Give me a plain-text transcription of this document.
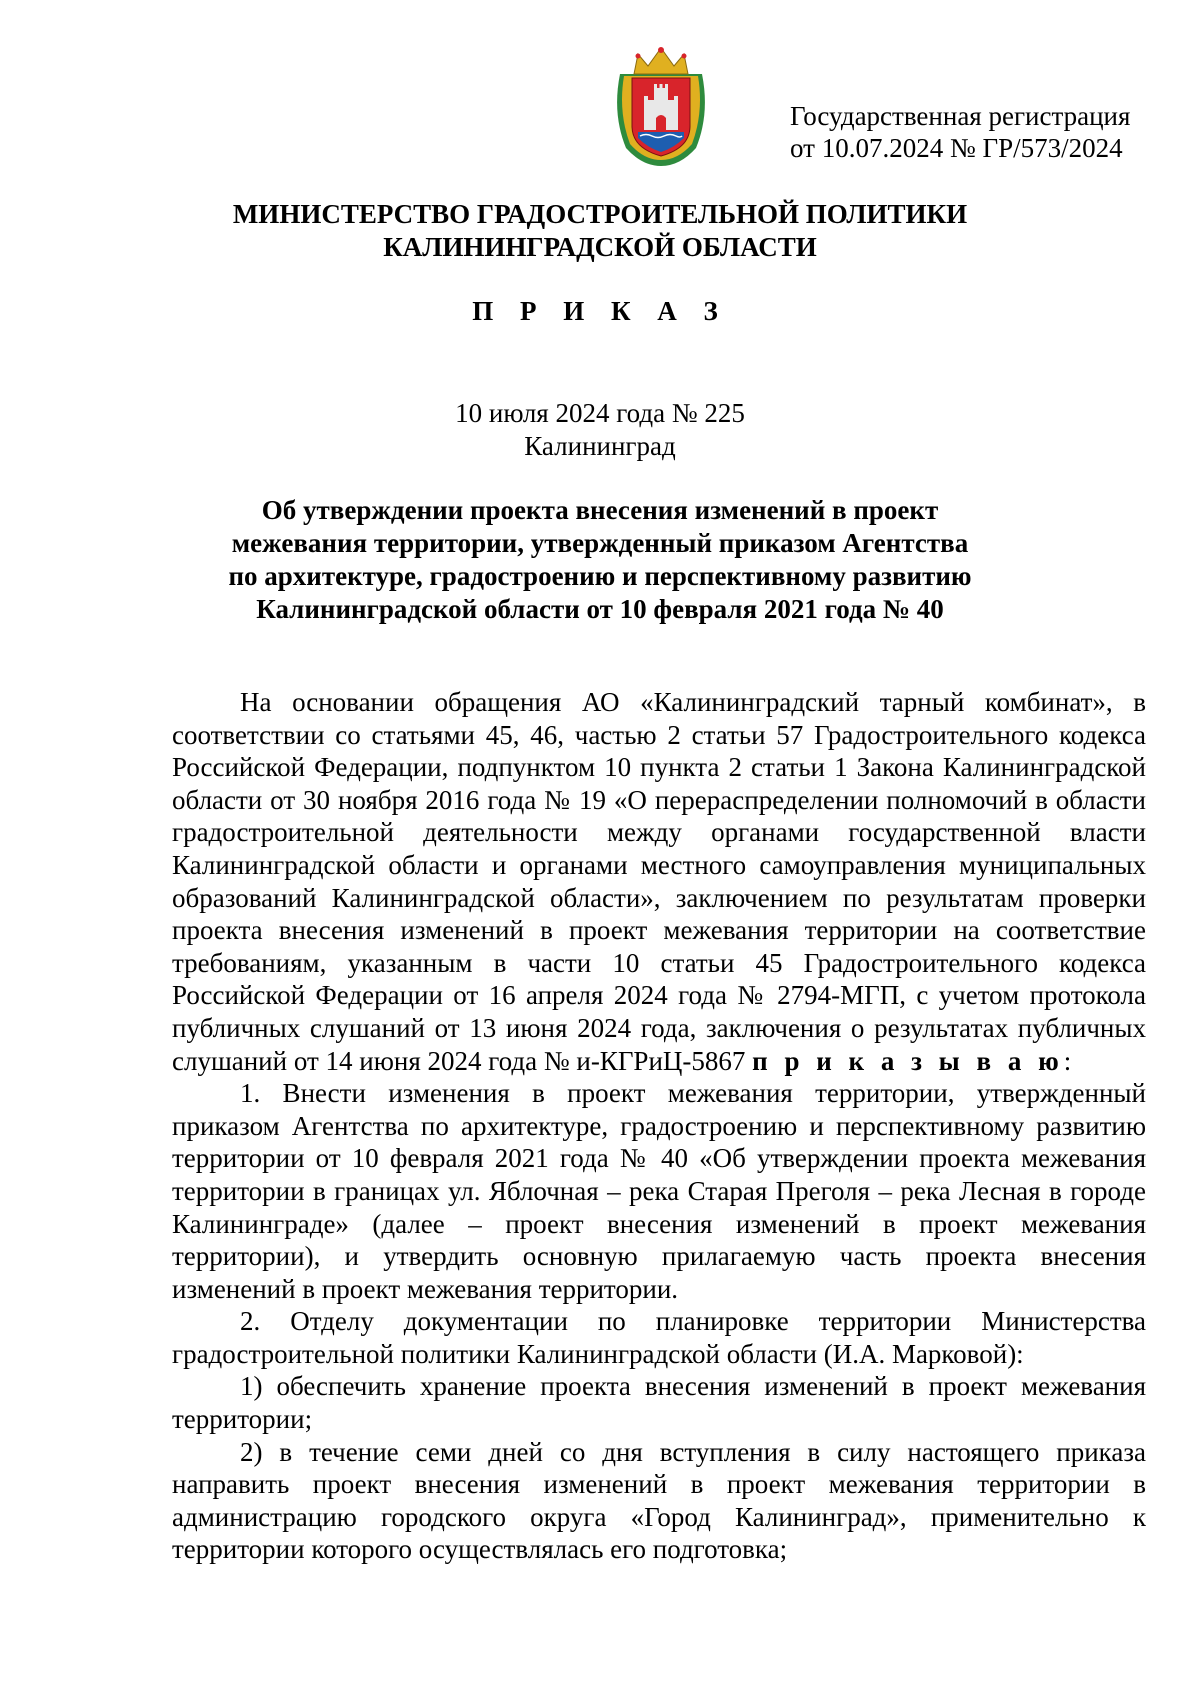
Государственная регистрация
от 10.07.2024 № ГР/573/2024
МИНИСТЕРСТВО ГРАДОСТРОИТЕЛЬНОЙ ПОЛИТИКИ
КАЛИНИНГРАДСКОЙ ОБЛАСТИ
П Р И К А З
10 июля 2024 года № 225
Калининград
Об утверждении проекта внесения изменений в проект
межевания территории, утвержденный приказом Агентства
по архитектуре, градостроению и перспективному развитию
Калининградской области от 10 февраля 2021 года № 40

На основании обращения АО «Калининградский тарный комбинат», в соответствии со статьями 45, 46, частью 2 статьи 57 Градостроительного кодекса Российской Федерации, подпунктом 10 пункта 2 статьи 1 Закона Калининградской области от 30 ноября 2016 года № 19 «О перераспределении полномочий в области градостроительной деятельности между органами государственной власти Калининградской области и органами местного самоуправления муниципальных образований Калининградской области», заключением по результатам проверки проекта внесения изменений в проект межевания территории на соответствие требованиям, указанным в части 10 статьи 45 Градостроительного кодекса Российской Федерации от 16 апреля 2024 года № 2794-МГП, с учетом протокола публичных слушаний от 13 июня 2024 года, заключения о результатах публичных слушаний от 14 июня 2024 года № и-КГРиЦ-5867 п р и к а з ы в а ю:

1. Внести изменения в проект межевания территории, утвержденный приказом Агентства по архитектуре, градостроению и перспективному развитию территории от 10 февраля 2021 года № 40 «Об утверждении проекта межевания территории в границах ул. Яблочная – река Старая Преголя – река Лесная в городе Калининграде» (далее – проект внесения изменений в проект межевания территории), и утвердить основную прилагаемую часть проекта внесения изменений в проект межевания территории.

2. Отделу документации по планировке территории Министерства градостроительной политики Калининградской области (И.А. Марковой):

1) обеспечить хранение проекта внесения изменений в проект межевания территории;

2) в течение семи дней со дня вступления в силу настоящего приказа направить проект внесения изменений в проект межевания территории в администрацию городского округа «Город Калининград», применительно к территории которого осуществлялась его подготовка;
